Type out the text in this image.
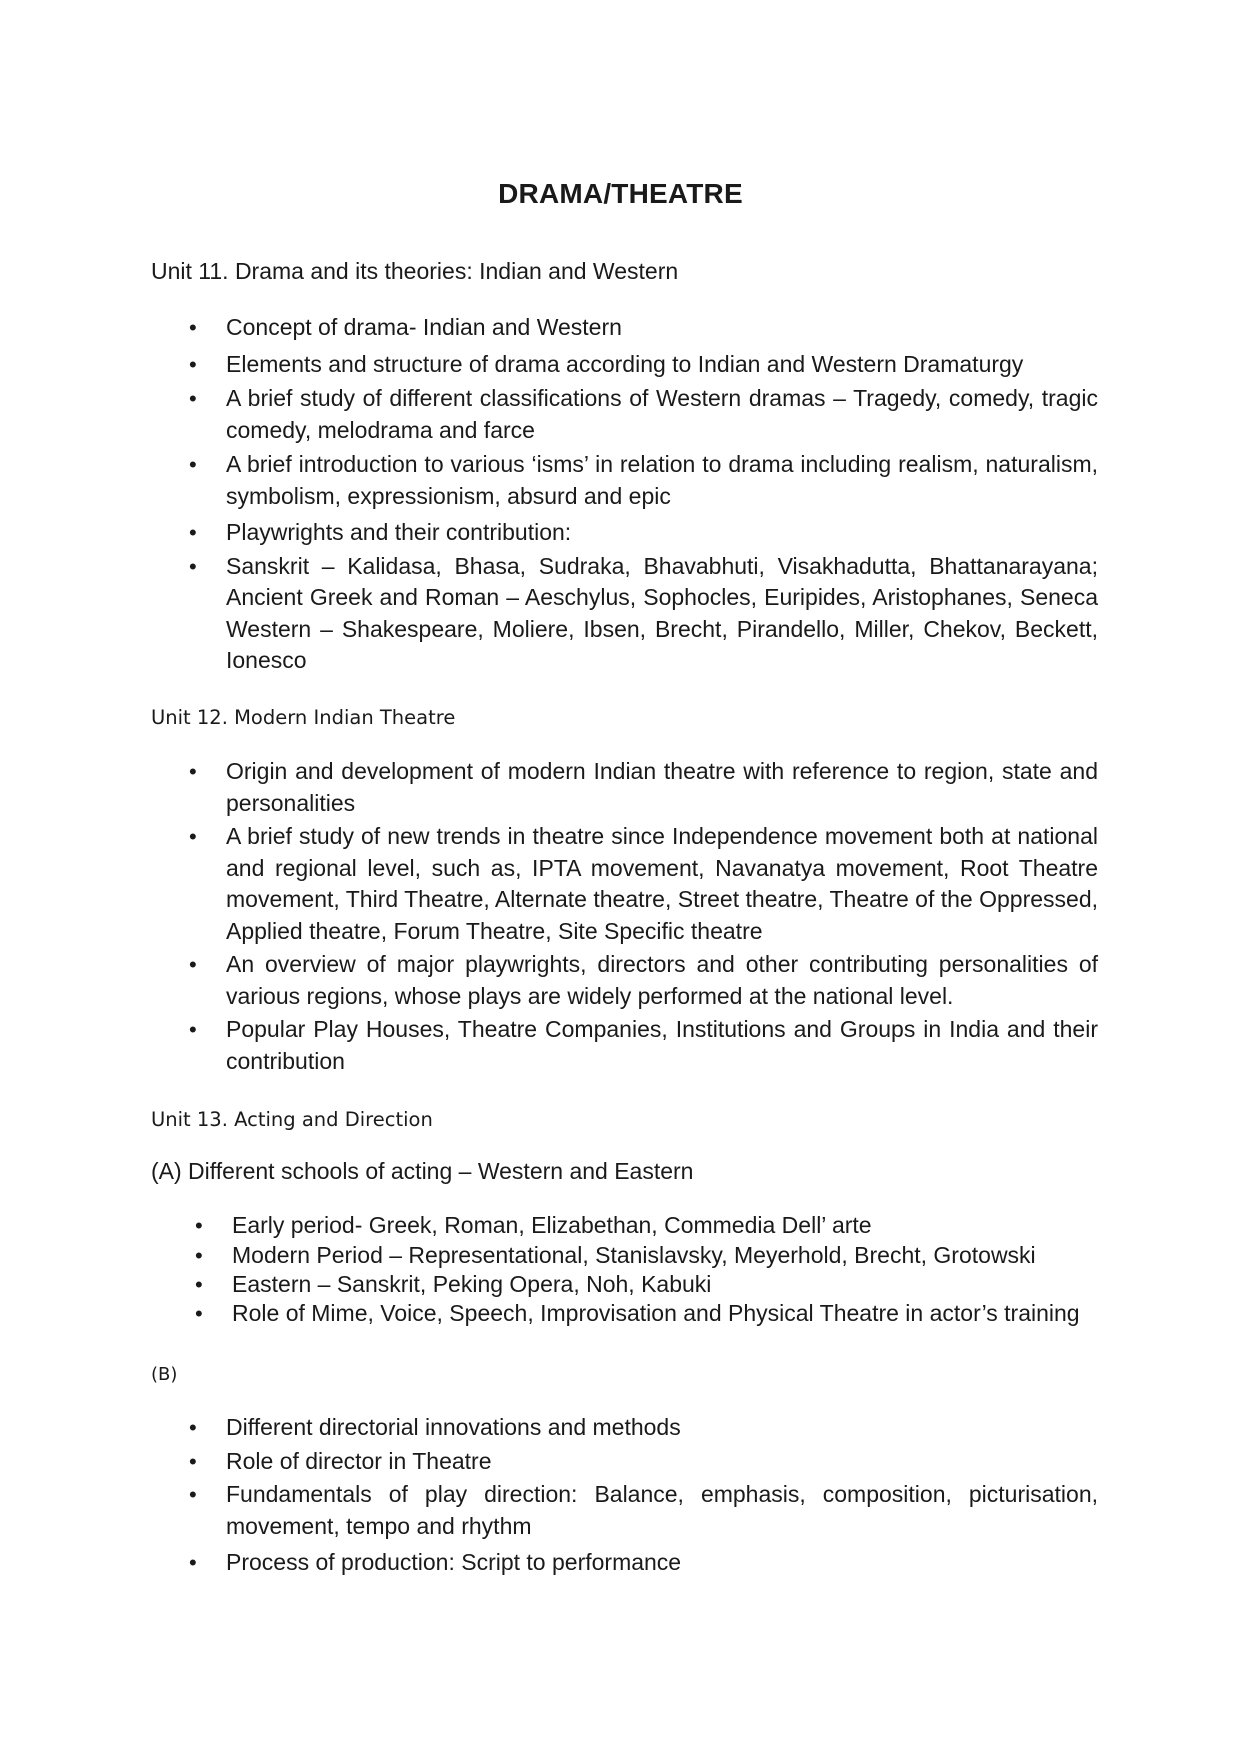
DRAMA/THEATRE

Unit 11. Drama and its theories: Indian and Western

• Concept of drama- Indian and Western
• Elements and structure of drama according to Indian and Western Dramaturgy
• A brief study of different classifications of Western dramas – Tragedy, comedy, tragic comedy, melodrama and farce
• A brief introduction to various ‘isms’ in relation to drama including realism, naturalism, symbolism, expressionism, absurd and epic
• Playwrights and their contribution:
• Sanskrit – Kalidasa, Bhasa, Sudraka, Bhavabhuti, Visakhadutta, Bhattanarayana; Ancient Greek and Roman – Aeschylus, Sophocles, Euripides, Aristophanes, Seneca Western – Shakespeare, Moliere, Ibsen, Brecht, Pirandello, Miller, Chekov, Beckett, Ionesco

Unit 12. Modern Indian Theatre

• Origin and development of modern Indian theatre with reference to region, state and personalities
• A brief study of new trends in theatre since Independence movement both at national and regional level, such as, IPTA movement, Navanatya movement, Root Theatre movement, Third Theatre, Alternate theatre, Street theatre, Theatre of the Oppressed, Applied theatre, Forum Theatre, Site Specific theatre
• An overview of major playwrights, directors and other contributing personalities of various regions, whose plays are widely performed at the national level.
• Popular Play Houses, Theatre Companies, Institutions and Groups in India and their contribution

Unit 13. Acting and Direction

(A) Different schools of acting – Western and Eastern

• Early period- Greek, Roman, Elizabethan, Commedia Dell’ arte
• Modern Period – Representational, Stanislavsky, Meyerhold, Brecht, Grotowski
• Eastern – Sanskrit, Peking Opera, Noh, Kabuki
• Role of Mime, Voice, Speech, Improvisation and Physical Theatre in actor’s training

(B)

• Different directorial innovations and methods
• Role of director in Theatre
• Fundamentals of play direction: Balance, emphasis, composition, picturisation, movement, tempo and rhythm
• Process of production: Script to performance
